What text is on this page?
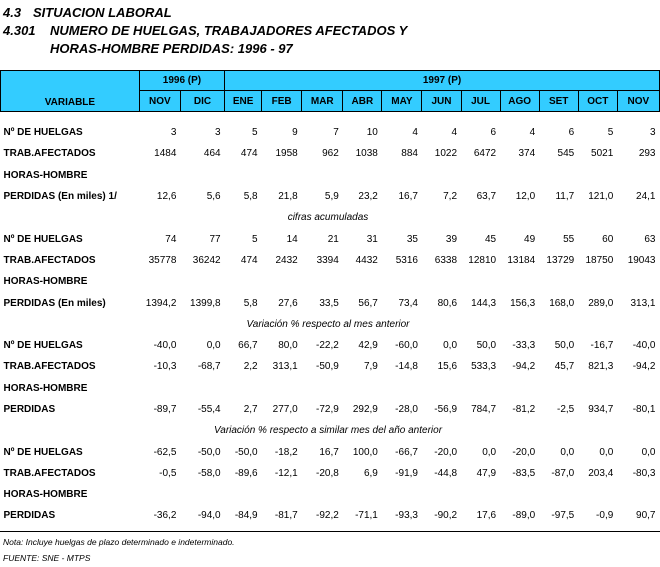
4.3 SITUACION LABORAL
4.301 NUMERO DE HUELGAS, TRABAJADORES AFECTADOS Y
HORAS-HOMBRE PERDIDAS: 1996 - 97
VARIABLE	1996 (P)		1997 (P)										
	NOV	DIC	ENE	FEB	MAR	ABR	MAY	JUN	JUL	AGO	SET	OCT	NOV

Nº DE HUELGAS	3	3	5	9	7	10	4	4	6	4	6	5	3
TRAB.AFECTADOS	1484	464	474	1958	962	1038	884	1022	6472	374	545	5021	293
HORAS-HOMBRE													
PERDIDAS (En miles) 1/	12,6	5,6	5,8	21,8	5,9	23,2	16,7	7,2	63,7	12,0	11,7	121,0	24,1
cifras acumuladas													
Nº DE HUELGAS	74	77	5	14	21	31	35	39	45	49	55	60	63
TRAB.AFECTADOS	35778	36242	474	2432	3394	4432	5316	6338	12810	13184	13729	18750	19043
HORAS-HOMBRE													
PERDIDAS (En miles)	1394,2	1399,8	5,8	27,6	33,5	56,7	73,4	80,6	144,3	156,3	168,0	289,0	313,1
Variación % respecto al mes anterior													
Nº DE HUELGAS	-40,0	0,0	66,7	80,0	-22,2	42,9	-60,0	0,0	50,0	-33,3	50,0	-16,7	-40,0
TRAB.AFECTADOS	-10,3	-68,7	2,2	313,1	-50,9	7,9	-14,8	15,6	533,3	-94,2	45,7	821,3	-94,2
HORAS-HOMBRE													
PERDIDAS	-89,7	-55,4	2,7	277,0	-72,9	292,9	-28,0	-56,9	784,7	-81,2	-2,5	934,7	-80,1
Variación % respecto a similar mes del año anterior													
Nº DE HUELGAS	-62,5	-50,0	-50,0	-18,2	16,7	100,0	-66,7	-20,0	0,0	-20,0	0,0	0,0	0,0
TRAB.AFECTADOS	-0,5	-58,0	-89,6	-12,1	-20,8	6,9	-91,9	-44,8	47,9	-83,5	-87,0	203,4	-80,3
HORAS-HOMBRE													
PERDIDAS	-36,2	-94,0	-84,9	-81,7	-92,2	-71,1	-93,3	-90,2	17,6	-89,0	-97,5	-0,9	90,7
Nota: Incluye huelgas de plazo determinado e indeterminado.
FUENTE: SNE - MTPS
